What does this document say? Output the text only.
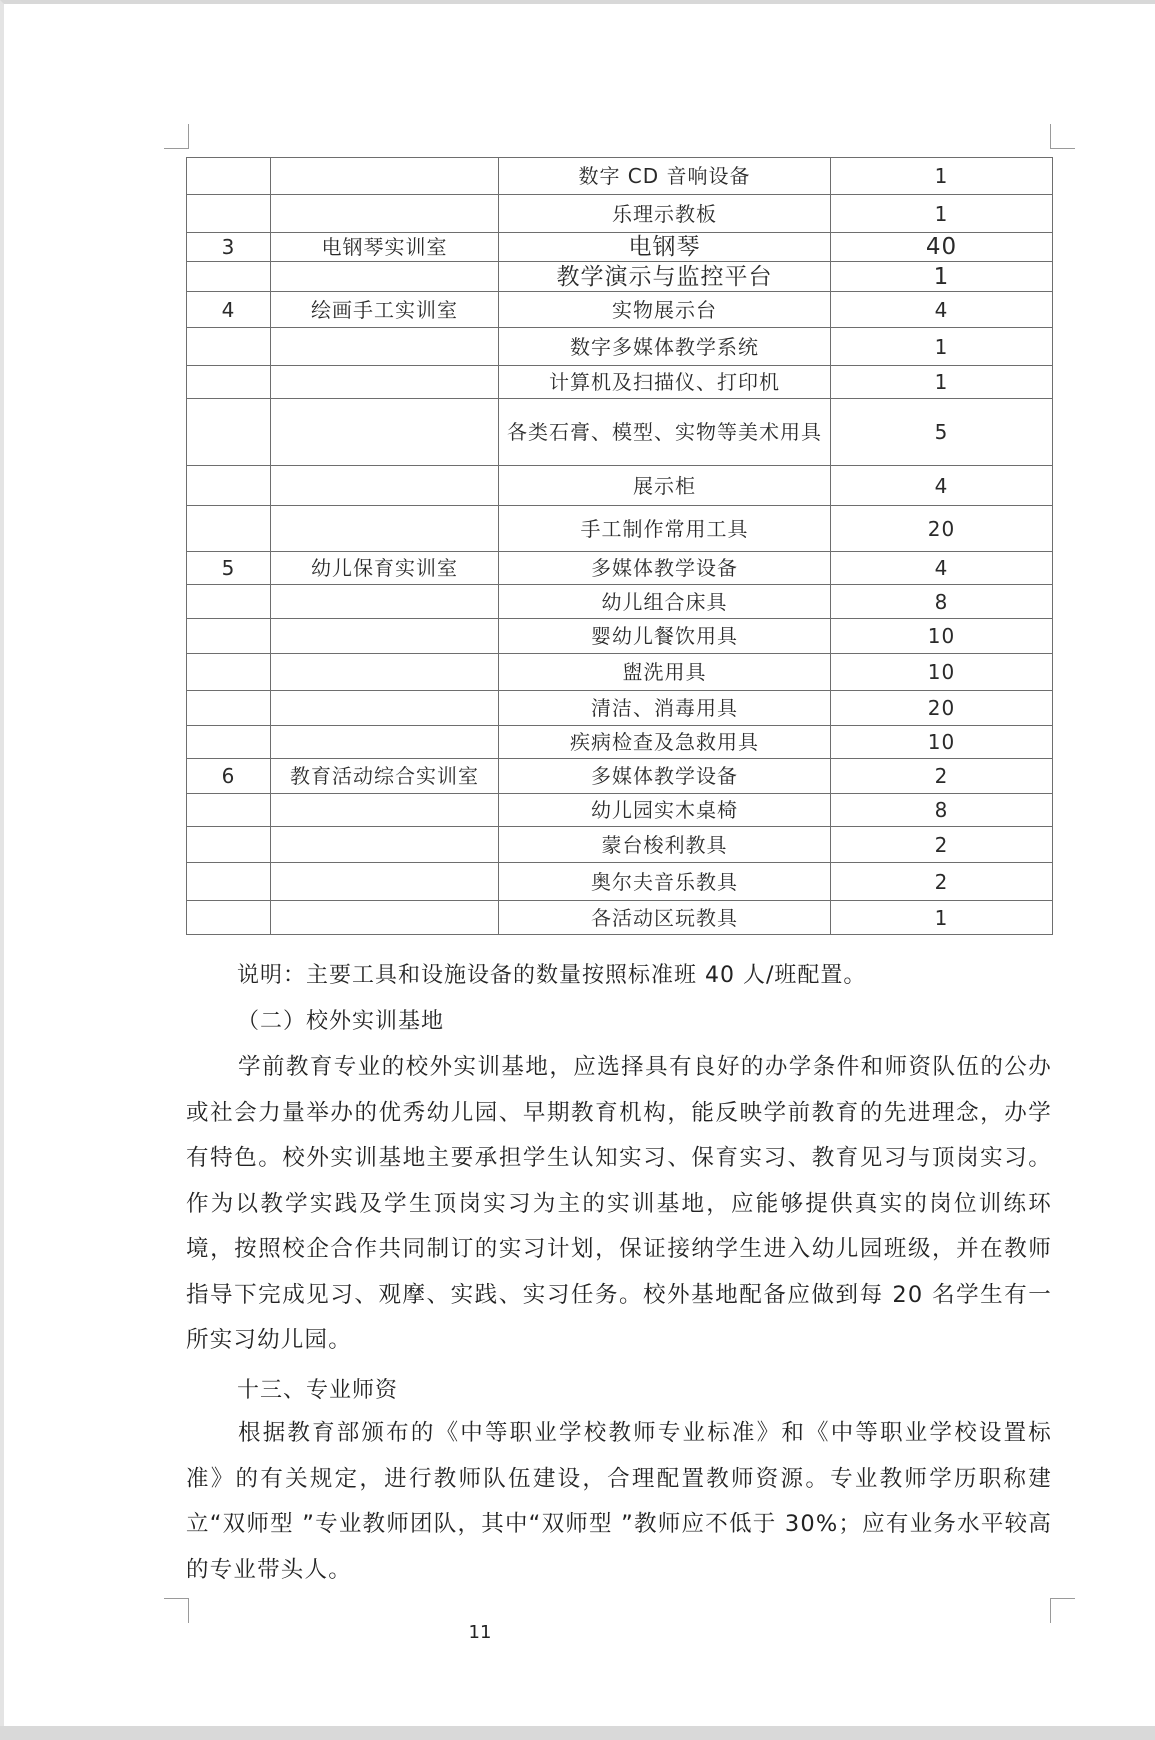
		数字 CD 音响设备	1
		乐理示教板	1
3	电钢琴实训室	电钢琴	40
		教学演示与监控平台	1
4	绘画手工实训室	实物展示台	4
		数字多媒体教学系统	1
		计算机及扫描仪、打印机	1
		各类石膏、模型、实物等美术用具	5
		展示柜	4
		手工制作常用工具	20
5	幼儿保育实训室	多媒体教学设备	4
		幼儿组合床具	8
		婴幼儿餐饮用具	10
		盥洗用具	10
		清洁、消毒用具	20
		疾病检查及急救用具	10
6	教育活动综合实训室	多媒体教学设备	2
		幼儿园实木桌椅	8
		蒙台梭利教具	2
		奥尔夫音乐教具	2
		各活动区玩教具	1
说明：主要工具和设施设备的数量按照标准班 40 人/班配置。
（二）校外实训基地

学前教育专业的校外实训基地，应选择具有良好的办学条件和师资队伍的公办或社会力量举办的优秀幼儿园、早期教育机构，能反映学前教育的先进理念，办学有特色。校外实训基地主要承担学生认知实习、保育实习、教育见习与顶岗实习。作为以教学实践及学生顶岗实习为主的实训基地，应能够提供真实的岗位训练环境，按照校企合作共同制订的实习计划，保证接纳学生进入幼儿园班级，并在教师指导下完成见习、观摩、实践、实习任务。校外基地配备应做到每 20 名学生有一所实习幼儿园。

十三、专业师资

根据教育部颁布的《中等职业学校教师专业标准》和《中等职业学校设置标准》的有关规定，进行教师队伍建设，合理配置教师资源。专业教师学历职称建立“双师型 ”专业教师团队，其中“双师型 ”教师应不低于 30%；应有业务水平较高的专业带头人。

11
